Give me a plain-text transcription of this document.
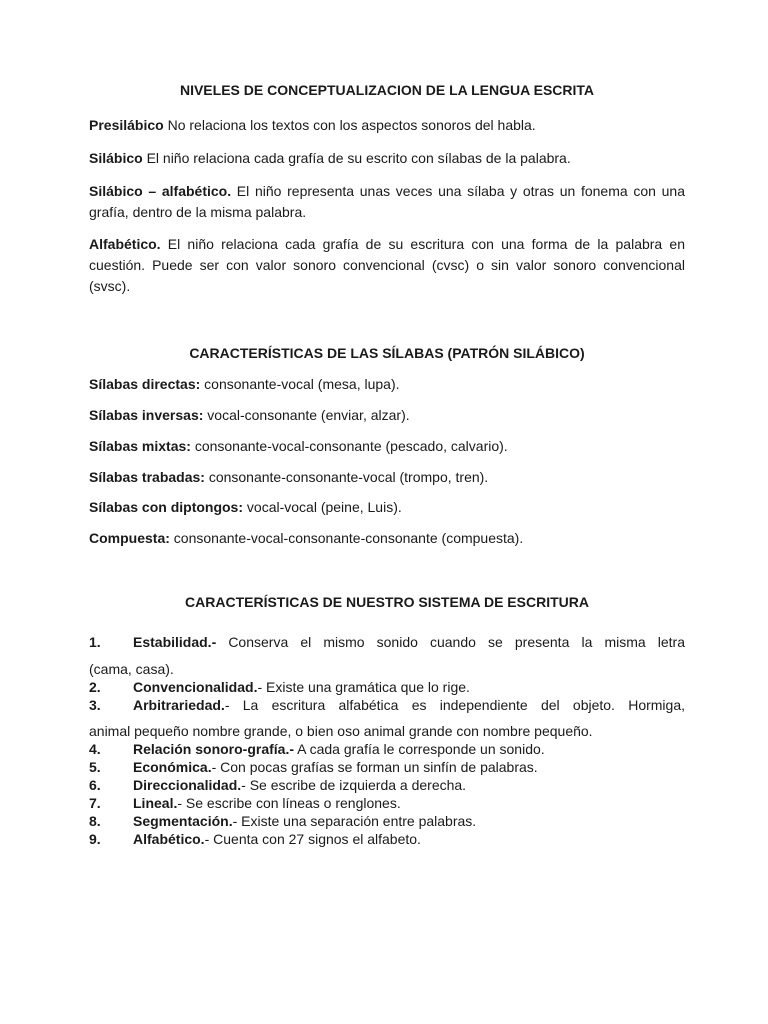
NIVELES DE CONCEPTUALIZACION DE LA LENGUA ESCRITA
Presilábico No relaciona los textos con los aspectos sonoros del habla.
Silábico El niño relaciona cada grafía de su escrito con sílabas de la palabra.
Silábico – alfabético. El niño representa unas veces una sílaba y otras un fonema con una grafía, dentro de la misma palabra.
Alfabético. El niño relaciona cada grafía de su escritura con una forma de la palabra en cuestión. Puede ser con valor sonoro convencional (cvsc) o sin valor sonoro convencional (svsc).
CARACTERÍSTICAS DE LAS SÍLABAS (PATRÓN SILÁBICO)
Sílabas directas: consonante-vocal (mesa, lupa).
Sílabas inversas: vocal-consonante (enviar, alzar).
Sílabas mixtas: consonante-vocal-consonante (pescado, calvario).
Sílabas trabadas: consonante-consonante-vocal (trompo, tren).
Sílabas con diptongos: vocal-vocal (peine, Luis).
Compuesta: consonante-vocal-consonante-consonante (compuesta).
CARACTERÍSTICAS DE NUESTRO SISTEMA DE ESCRITURA
1. Estabilidad.- Conserva el mismo sonido cuando se presenta la misma letra
(cama, casa).
2. Convencionalidad.- Existe una gramática que lo rige.
3. Arbitrariedad.- La escritura alfabética es independiente del objeto. Hormiga,
animal pequeño nombre grande, o bien oso animal grande con nombre pequeño.
4. Relación sonoro-grafía.- A cada grafía le corresponde un sonido.
5. Económica.- Con pocas grafías se forman un sinfín de palabras.
6. Direccionalidad.- Se escribe de izquierda a derecha.
7. Lineal.- Se escribe con líneas o renglones.
8. Segmentación.- Existe una separación entre palabras.
9. Alfabético.- Cuenta con 27 signos el alfabeto.
